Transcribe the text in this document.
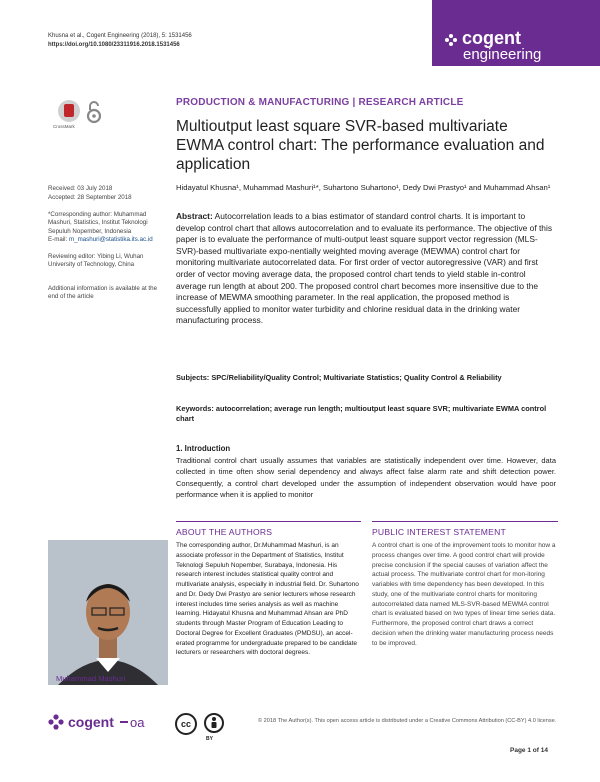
Khusna et al., Cogent Engineering (2018), 5: 1531456
https://doi.org/10.1080/23311916.2018.1531456	cogent
engineering
CrossMark
Received: 03 July 2018
Accepted: 28 September 2018
*Corresponding author: Muhammad Mashuri, Statistics, Institut Teknologi Sepuluh Nopember, Indonesia
E-mail: m_mashuri@statistika.its.ac.id
Reviewing editor: Yibing Li, Wuhan University of Technology, China
Additional information is available at the end of the article
PRODUCTION & MANUFACTURING | RESEARCH ARTICLE
Multioutput least square SVR-based multivariate EWMA control chart: The performance evaluation and application
Hidayatul Khusna¹, Muhammad Mashuri¹*, Suhartono Suhartono¹, Dedy Dwi Prastyo¹ and Muhammad Ahsan¹
Abstract: Autocorrelation leads to a bias estimator of standard control charts. It is important to develop control chart that allows autocorrelation and to evaluate its performance. The objective of this paper is to evaluate the performance of multi-output least square support vector regression (MLS-SVR)-based multivariate expo-nentially weighted moving average (MEWMA) control chart for monitoring multivariate autocorrelated data. For first order of vector autoregressive (VAR) and first order of vector moving average data, the proposed control chart tends to yield stable in-control average run length at about 200. The proposed control chart becomes more insensitive due to the increase of MEWMA smoothing parameter. In the real application, the proposed method is successfully applied to monitor water turbidity and chlorine residual data in the drinking water manufacturing process.
Subjects: SPC/Reliability/Quality Control; Multivariate Statistics; Quality Control & Reliability
Keywords: autocorrelation; average run length; multioutput least square SVR; multivariate EWMA control chart
1. Introduction
Traditional control chart usually assumes that variables are statistically independent over time. However, data collected in time often show serial dependency and always affect false alarm rate and shift detection power. Consequently, a control chart developed under the assumption of independent observation would have poor performance when it is applied to monitor
ABOUT THE AUTHORS	PUBLIC INTEREST STATEMENT
Muhammad Mashuri
The corresponding author, Dr.Muhammad Mashuri, is an associate professor in the Department of Statistics, Institut Teknologi Sepuluh Nopember, Surabaya, Indonesia. His research interest includes statistical quality control and multivariate analysis, especially in industrial field. Dr. Suhartono and Dr. Dedy Dwi Prastyo are senior lecturers whose research interest includes time series analysis as well as machine learning. Hidayatul Khusna and Muhammad Ahsan are PhD students through Master Program of Education Leading to Doctoral Degree for Excellent Graduates (PMDSU), an accel-erated programme for undergraduate prepared to be candidate lecturers or researchers with doctoral degrees.
A control chart is one of the improvement tools to monitor how a process changes over time. A good control chart will provide precise conclusion if the special causes of variation affect the actual process. The multivariate control chart for mon-itoring variables with time dependency has been developed. In this study, one of the multivariate control charts for monitoring autocorrelated data named MLS-SVR-based MEWMA control chart is evaluated based on two types of linear time series data. Furthermore, the proposed control chart draws a correct decision when the drinking water manufacturing process needs to be improved.
cogent oa	cc
BY
© 2018 The Author(s). This open access article is distributed under a Creative Commons Attribution (CC-BY) 4.0 license.
Page 1 of 14
